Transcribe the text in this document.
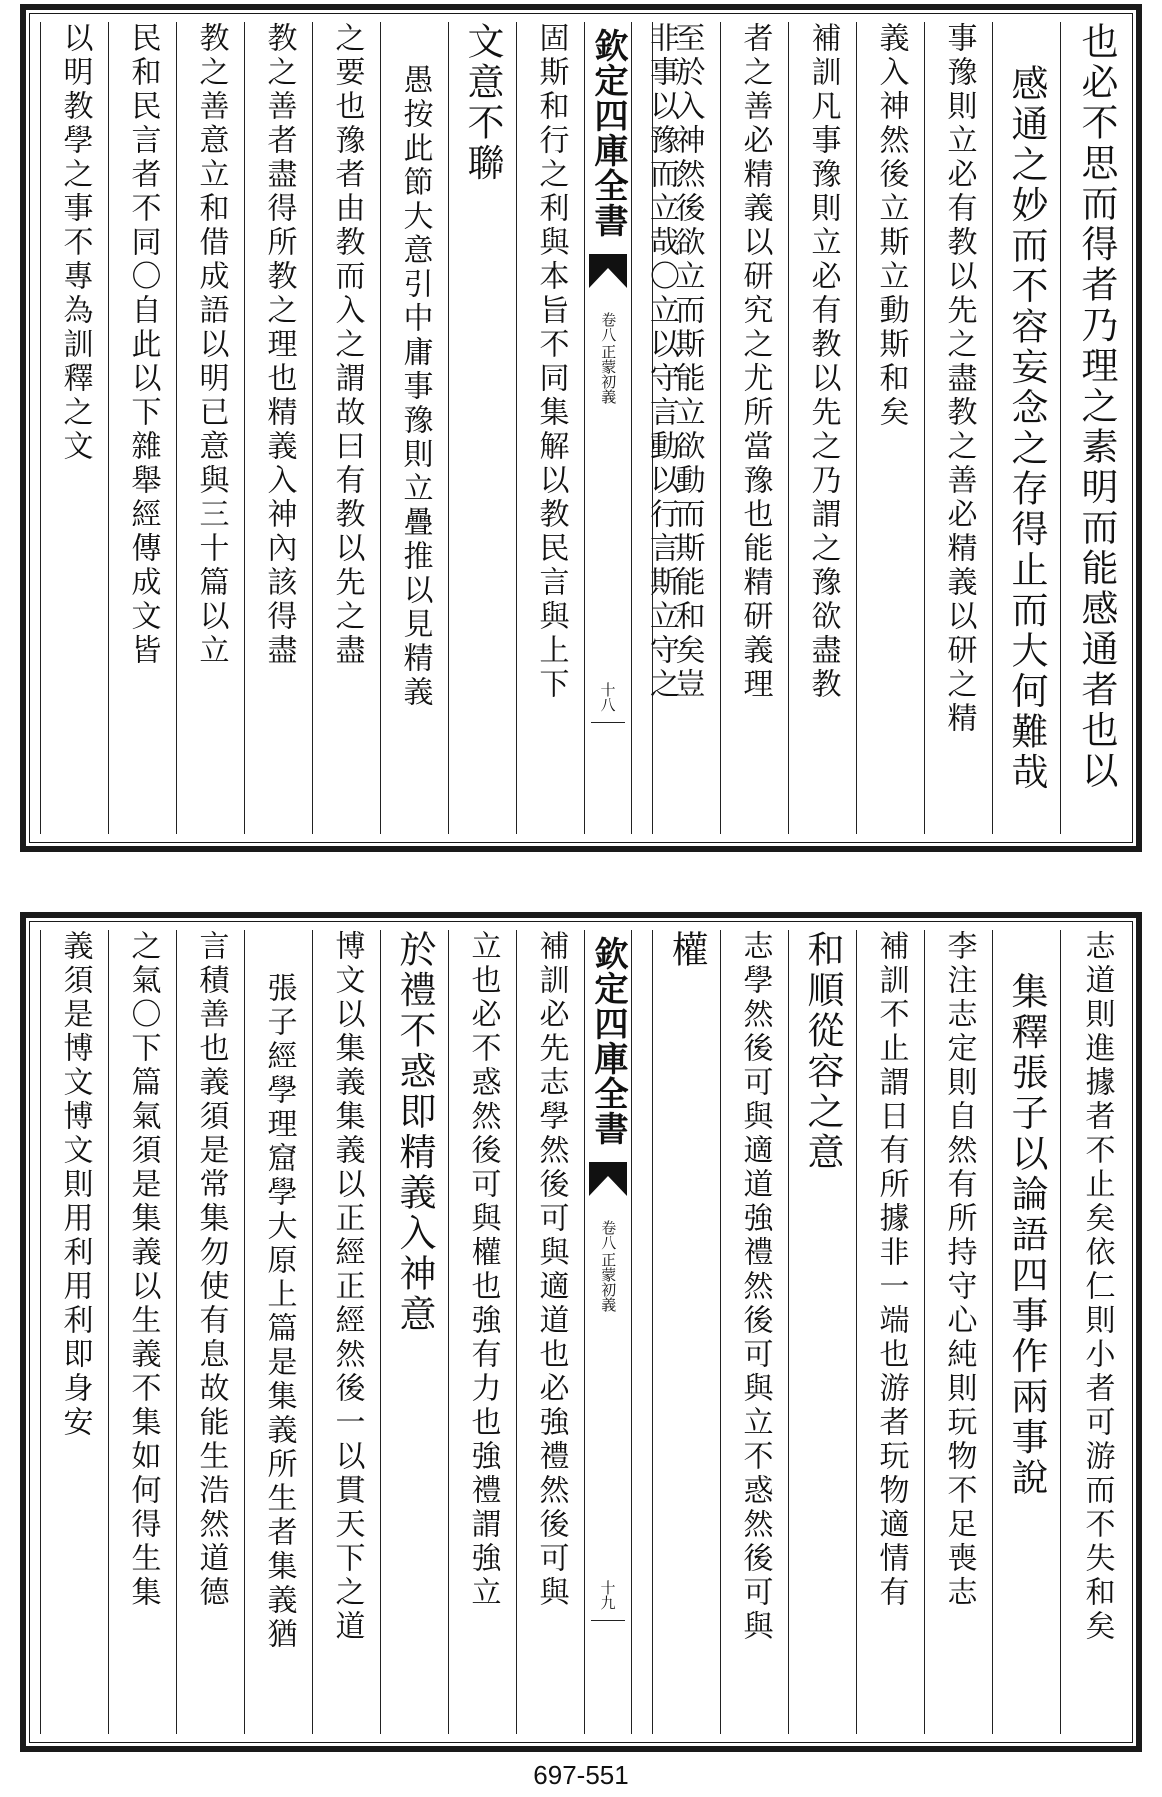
也必不思而得者乃理之素明而能感通者也以
感通之妙而不容妄念之存得止而大何難哉
事豫則立必有教以先之盡教之善必精義以研之精
義入神然後立斯立動斯和矣
補訓凡事豫則立必有教以先之乃謂之豫欲盡教
者之善必精義以研究之尤所當豫也能精研義理
至於入神然後欲立而斯能立欲動而斯能和矣豈
欽定四庫全書
正蒙初義
卷八
十八 非事以豫而立哉〇立以守言動以行言斯立守之
固斯和行之利與本旨不同集解以教民言與上下
文意不聯
愚按此節大意引中庸事豫則立疊推以見精義
之要也豫者由教而入之謂故曰有教以先之盡
教之善者盡得所教之理也精義入神內該得盡
教之善意立和借成語以明已意與三十篇以立
民和民言者不同〇自此以下雜舉經傳成文皆
以明教學之事不專為訓釋之文
志道則進據者不止矣依仁則小者可游而不失和矣
集釋張子以論語四事作兩事說
李注志定則自然有所持守心純則玩物不足喪志
補訓不止謂日有所據非一端也游者玩物適情有
和順從容之意
志學然後可與適道強禮然後可與立不惑然後可與
權
欽定四庫全書
正蒙初義
卷八
十九
補訓必先志學然後可與適道也必強禮然後可與
立也必不惑然後可與權也強有力也強禮謂強立
於禮不惑即精義入神意
博文以集義集義以正經正經然後一以貫天下之道
張子經學理窟學大原上篇是集義所生者集義猶
言積善也義須是常集勿使有息故能生浩然道德
之氣〇下篇氣須是集義以生義不集如何得生集
義須是博文博文則用利用利即身安
697-551
